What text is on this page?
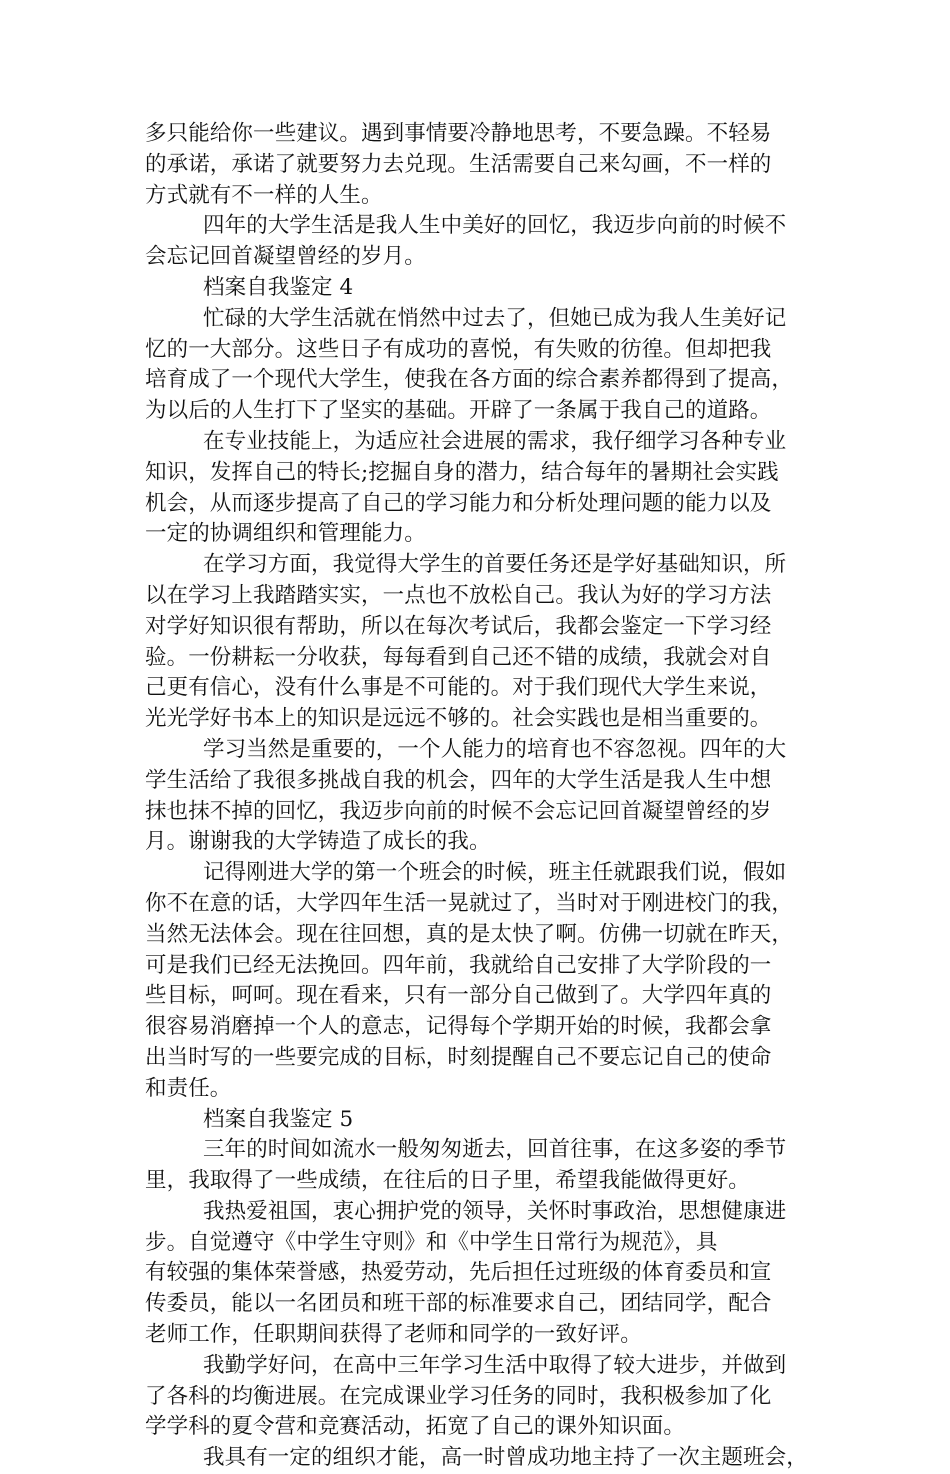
多只能给你一些建议。遇到事情要冷静地思考，不要急躁。不轻易
的承诺，承诺了就要努力去兑现。生活需要自己来勾画，不一样的
方式就有不一样的人生。
四年的大学生活是我人生中美好的回忆，我迈步向前的时候不
会忘记回首凝望曾经的岁月。
档案自我鉴定 4
忙碌的大学生活就在悄然中过去了，但她已成为我人生美好记
忆的一大部分。这些日子有成功的喜悦，有失败的彷徨。但却把我
培育成了一个现代大学生，使我在各方面的综合素养都得到了提高，
为以后的人生打下了坚实的基础。开辟了一条属于我自己的道路。
在专业技能上，为适应社会进展的需求，我仔细学习各种专业
知识，发挥自己的特长;挖掘自身的潜力，结合每年的暑期社会实践
机会，从而逐步提高了自己的学习能力和分析处理问题的能力以及
一定的协调组织和管理能力。
在学习方面，我觉得大学生的首要任务还是学好基础知识，所
以在学习上我踏踏实实，一点也不放松自己。我认为好的学习方法
对学好知识很有帮助，所以在每次考试后，我都会鉴定一下学习经
验。一份耕耘一分收获，每每看到自己还不错的成绩，我就会对自
己更有信心，没有什么事是不可能的。对于我们现代大学生来说，
光光学好书本上的知识是远远不够的。社会实践也是相当重要的。
学习当然是重要的，一个人能力的培育也不容忽视。四年的大
学生活给了我很多挑战自我的机会，四年的大学生活是我人生中想
抹也抹不掉的回忆，我迈步向前的时候不会忘记回首凝望曾经的岁
月。谢谢我的大学铸造了成长的我。
记得刚进大学的第一个班会的时候，班主任就跟我们说，假如
你不在意的话，大学四年生活一晃就过了，当时对于刚进校门的我，
当然无法体会。现在往回想，真的是太快了啊。仿佛一切就在昨天，
可是我们已经无法挽回。四年前，我就给自己安排了大学阶段的一
些目标，呵呵。现在看来，只有一部分自己做到了。大学四年真的
很容易消磨掉一个人的意志，记得每个学期开始的时候，我都会拿
出当时写的一些要完成的目标，时刻提醒自己不要忘记自己的使命
和责任。
档案自我鉴定 5
三年的时间如流水一般匆匆逝去，回首往事，在这多姿的季节
里，我取得了一些成绩，在往后的日子里，希望我能做得更好。
我热爱祖国，衷心拥护党的领导，关怀时事政治，思想健康进
步。自觉遵守《中学生守则》和《中学生日常行为规范》，具
有较强的集体荣誉感，热爱劳动，先后担任过班级的体育委员和宣
传委员，能以一名团员和班干部的标准要求自己，团结同学，配合
老师工作，任职期间获得了老师和同学的一致好评。
我勤学好问，在高中三年学习生活中取得了较大进步，并做到
了各科的均衡进展。在完成课业学习任务的同时，我积极参加了化
学学科的夏令营和竞赛活动，拓宽了自己的课外知识面。
我具有一定的组织才能，高一时曾成功地主持了一次主题班会，
